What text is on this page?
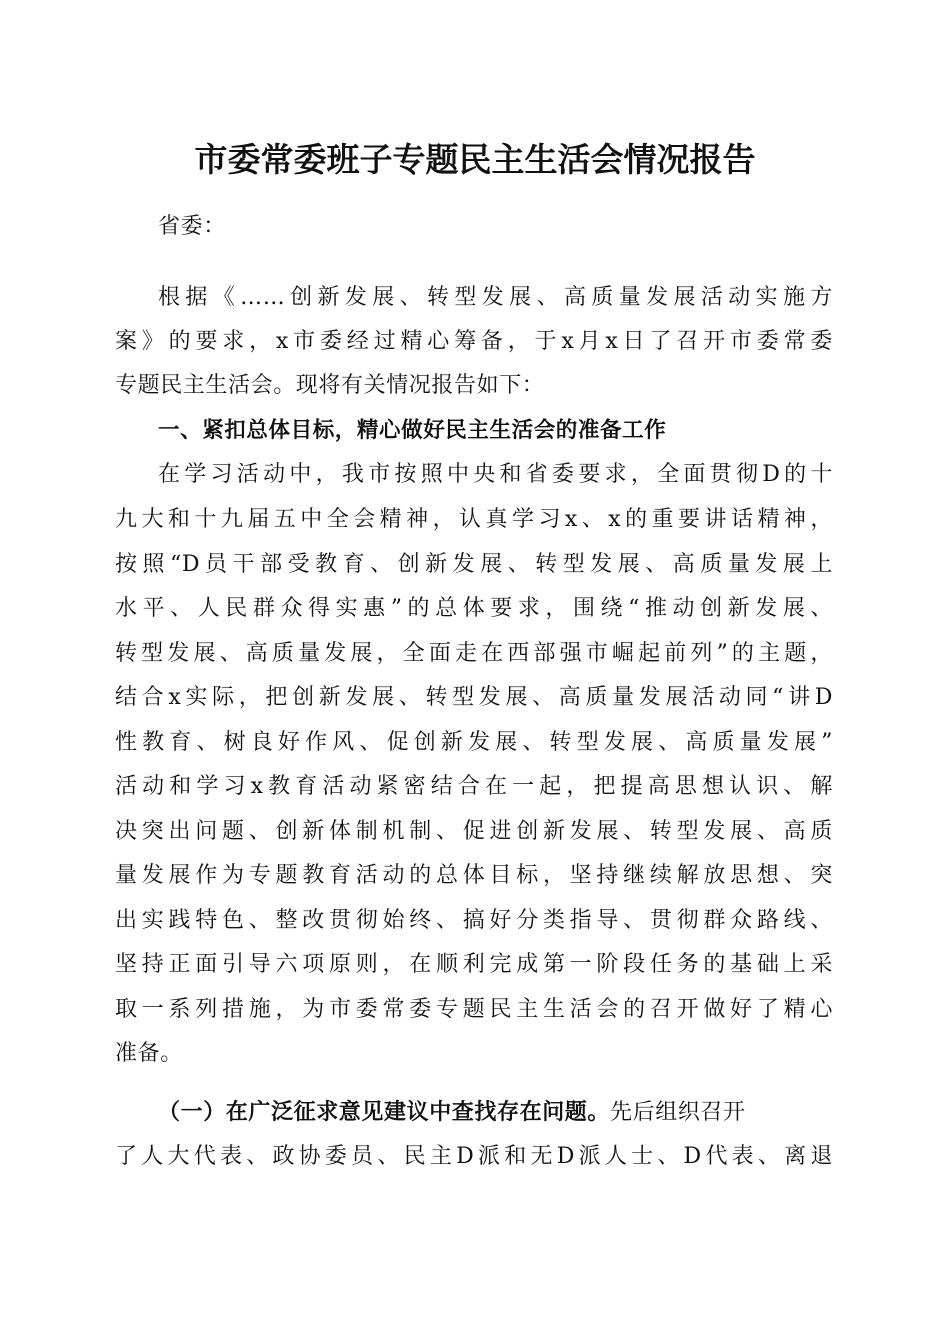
市委常委班子专题民主生活会情况报告
省委：
根据《……创新发展、转型发展、高质量发展活动实施方
案》的要求，x市委经过精心筹备，于x月x日了召开市委常委
专题民主生活会。现将有关情况报告如下：
一、紧扣总体目标，精心做好民主生活会的准备工作
在学习活动中，我市按照中央和省委要求，全面贯彻D的十
九大和十九届五中全会精神，认真学习x、x的重要讲话精神，
按照“D员干部受教育、创新发展、转型发展、高质量发展上
水平、人民群众得实惠”的总体要求，围绕“推动创新发展、
转型发展、高质量发展，全面走在西部强市崛起前列”的主题，
结合x实际，把创新发展、转型发展、高质量发展活动同“讲D
性教育、树良好作风、促创新发展、转型发展、高质量发展”
活动和学习x教育活动紧密结合在一起，把提高思想认识、解
决突出问题、创新体制机制、促进创新发展、转型发展、高质
量发展作为专题教育活动的总体目标，坚持继续解放思想、突
出实践特色、整改贯彻始终、搞好分类指导、贯彻群众路线、
坚持正面引导六项原则，在顺利完成第一阶段任务的基础上采
取一系列措施，为市委常委专题民主生活会的召开做好了精心
准备。
（一）在广泛征求意见建议中查找存在问题。先后组织召开
了人大代表、政协委员、民主D派和无D派人士、D代表、离退
